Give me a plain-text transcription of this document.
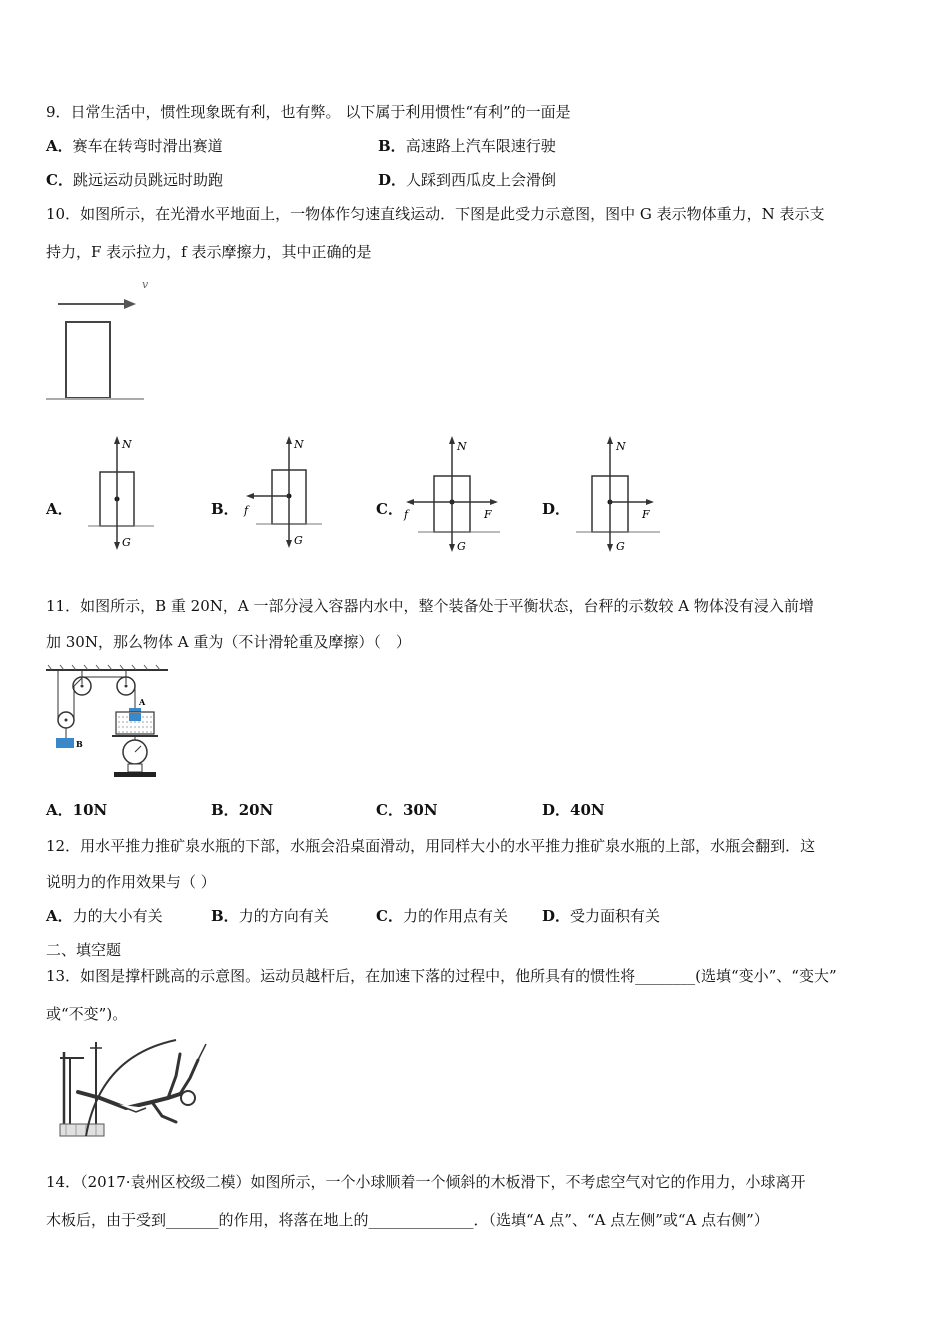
9．日常生活中，惯性现象既有利，也有弊。 以下属于利用惯性“有利”的一面是
A．赛车在转弯时滑出赛道	B．高速路上汽车限速行驶
C．跳远运动员跳远时助跑	D．人踩到西瓜皮上会滑倒
10．如图所示，在光滑水平地面上，一物体作匀速直线运动．下图是此受力示意图，图中 G 表示物体重力，N 表示支
持力，F 表示拉力，f 表示摩擦力，其中正确的是
v
A．
N
G
B．
N
G
f	C．
N
G
f	F	D．
N
G
F
11．如图所示，B 重 20N，A 一部分浸入容器内水中，整个装备处于平衡状态，台秤的示数较 A 物体没有浸入前增
加 30N，那么物体 A 重为（不计滑轮重及摩擦）（　）
B
A
A．10N	B．20N	C．30N	D．40N
12．用水平推力推矿泉水瓶的下部，水瓶会沿桌面滑动，用同样大小的水平推力推矿泉水瓶的上部，水瓶会翻到．这
说明力的作用效果与（ ）
A．力的大小有关	B．力的方向有关	C．力的作用点有关 D．受力面积有关
二、填空题
13．如图是撑杆跳高的示意图。运动员越杆后，在加速下落的过程中，他所具有的惯性将________(选填“变小”、“变大”
或“不变”)。
14．（2017·袁州区校级二模）如图所示，一个小球顺着一个倾斜的木板滑下，不考虑空气对它的作用力，小球离开
木板后，由于受到_______的作用，将落在地上的______________．（选填“A 点”、“A 点左侧”或“A 点右侧”）
